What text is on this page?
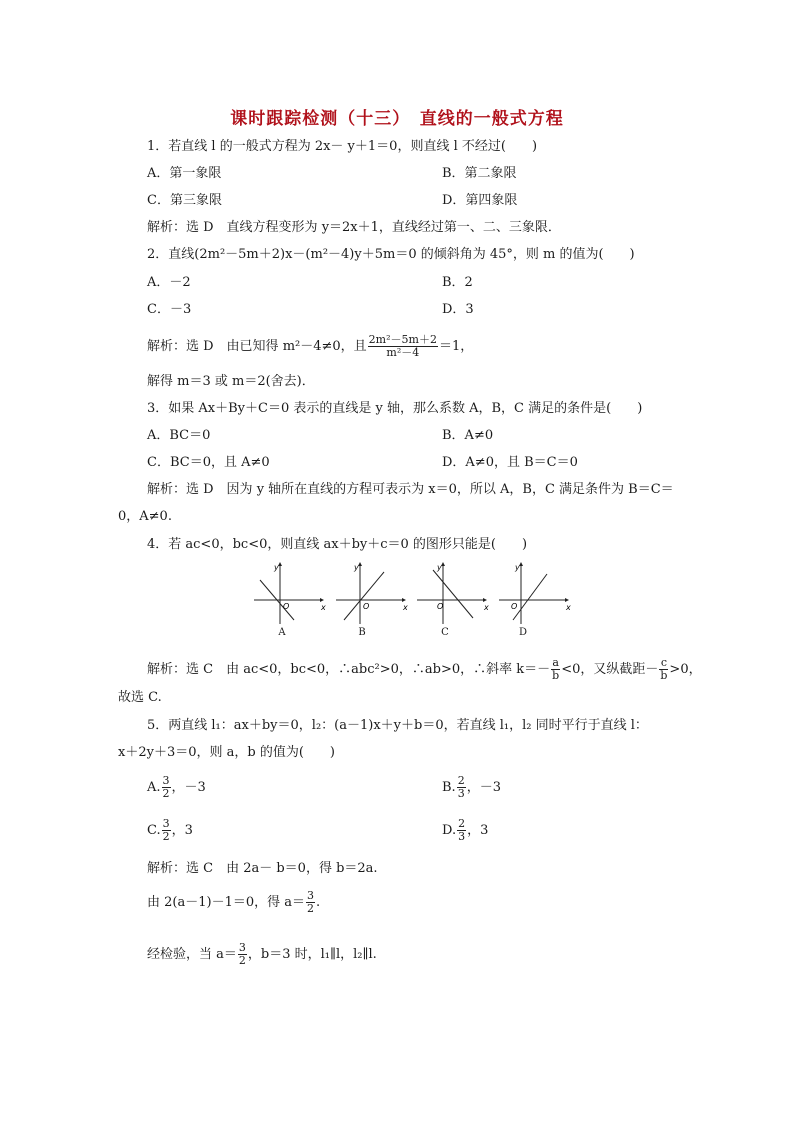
课时跟踪检测（十三）　直线的一般式方程
1．若直线 l 的一般式方程为 2x－ y＋1＝0，则直线 l 不经过(　　)
A．第一象限	B．第二象限
C．第三象限	D．第四象限
解析：选 D　直线方程变形为 y＝2x＋1，直线经过第一、二、三象限．
2．直线(2m²－5m＋2)x－(m²－4)y＋5m＝0 的倾斜角为 45°，则 m 的值为(　　)
A．－2	B．2
C．－3	D．3
解析：选 D　由已知得 m²－4≠0，且 $\frac{\text{2m²－5m＋2}}{\text{m²－4}} =1$，
解得 m＝3 或 m＝2(舍去)．
3．如果 Ax＋By＋C＝0 表示的直线是 y 轴，那么系数 A，B，C 满足的条件是(　　)
A．BC＝0	B．A≠0
C．BC＝0，且 A≠0	D．A≠0，且 B＝C＝0
解析：选 D　因为 y 轴所在直线的方程可表示为 x＝0，所以 A，B，C 满足条件为 B＝C＝
0，A≠0.
4．若 ac<0，bc<0，则直线 ax＋by＋c＝0 的图形只能是(　　)
y
x
O
A
y
x
O
B
y
x
O
C
y
x
O
D
解析：选 C　由 ac<0，bc<0，∴abc²>0，∴ab>0，∴斜率 $k=- \frac{a}{b} <0$，又纵截距－ $\frac{c}{b} >0$，
故选 C.
5．两直线 l₁：ax＋by＝0，l₂：(a－1)x＋y＋b＝0，若直线 l₁，l₂ 同时平行于直线 l：
x＋2y＋3＝0，则 a，b 的值为(　　)
A. $\frac{3}{2}$ ，－3	B. $\frac{2}{3}$ ，－3
C. $\frac{3}{2}$ ，3	D. $\frac{2}{3}$ ，3
解析：选 C　由 2a－ b＝0，得 b＝2a.
由 2(a－1)－1＝0，得 $a= \frac{3}{2}$ .
经检验，当 $a= \frac{3}{2}$ ，b＝3 时，l₁∥l，l₂∥l.
